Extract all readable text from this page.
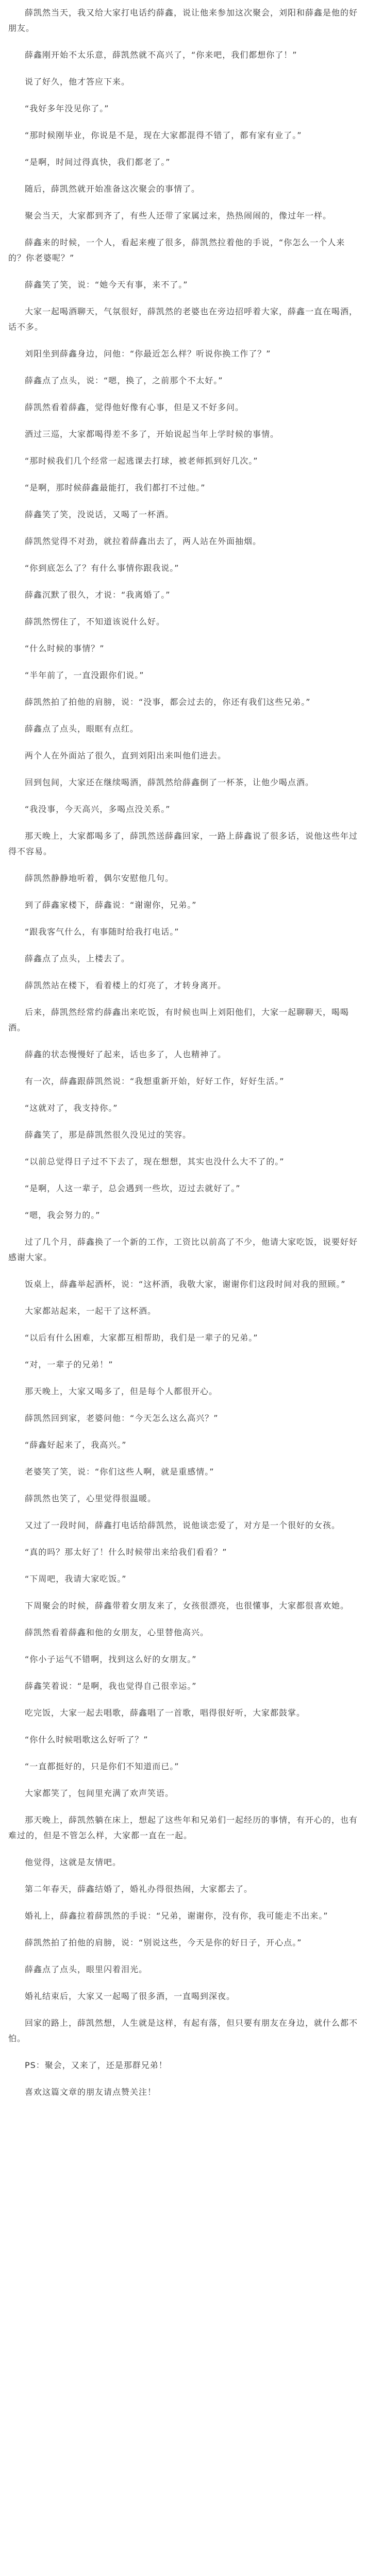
薛凯然当天，我又给大家打电话约薛鑫，说让他来参加这次聚会，刘阳和薛鑫是他的好朋友。

薛鑫刚开始不太乐意，薛凯然就不高兴了，“你来吧，我们都想你了！”

说了好久，他才答应下来。

“我好多年没见你了。”

“那时候刚毕业，你说是不是，现在大家都混得不错了，都有家有业了。”

“是啊，时间过得真快，我们都老了。”

随后，薛凯然就开始准备这次聚会的事情了。

聚会当天，大家都到齐了，有些人还带了家属过来，热热闹闹的，像过年一样。

薛鑫来的时候，一个人，看起来瘦了很多，薛凯然拉着他的手说，“你怎么一个人来的？你老婆呢？”

薛鑫笑了笑，说：“她今天有事，来不了。”

大家一起喝酒聊天，气氛很好，薛凯然的老婆也在旁边招呼着大家，薛鑫一直在喝酒，话不多。

刘阳坐到薛鑫身边，问他：“你最近怎么样？听说你换工作了？”

薛鑫点了点头，说：“嗯，换了，之前那个不太好。”

薛凯然看着薛鑫，觉得他好像有心事，但是又不好多问。

酒过三巡，大家都喝得差不多了，开始说起当年上学时候的事情。

“那时候我们几个经常一起逃课去打球，被老师抓到好几次。”

“是啊，那时候薛鑫最能打，我们都打不过他。”

薛鑫笑了笑，没说话，又喝了一杯酒。

薛凯然觉得不对劲，就拉着薛鑫出去了，两人站在外面抽烟。

“你到底怎么了？有什么事情你跟我说。”

薛鑫沉默了很久，才说：“我离婚了。”

薛凯然愣住了，不知道该说什么好。

“什么时候的事情？”

“半年前了，一直没跟你们说。”

薛凯然拍了拍他的肩膀，说：“没事，都会过去的，你还有我们这些兄弟。”

薛鑫点了点头，眼眶有点红。

两个人在外面站了很久，直到刘阳出来叫他们进去。

回到包间，大家还在继续喝酒，薛凯然给薛鑫倒了一杯茶，让他少喝点酒。

“我没事，今天高兴，多喝点没关系。”

那天晚上，大家都喝多了，薛凯然送薛鑫回家，一路上薛鑫说了很多话，说他这些年过得不容易。

薛凯然静静地听着，偶尔安慰他几句。

到了薛鑫家楼下，薛鑫说：“谢谢你，兄弟。”

“跟我客气什么，有事随时给我打电话。”

薛鑫点了点头，上楼去了。

薛凯然站在楼下，看着楼上的灯亮了，才转身离开。

后来，薛凯然经常约薛鑫出来吃饭，有时候也叫上刘阳他们，大家一起聊聊天，喝喝酒。

薛鑫的状态慢慢好了起来，话也多了，人也精神了。

有一次，薛鑫跟薛凯然说：“我想重新开始，好好工作，好好生活。”

“这就对了，我支持你。”

薛鑫笑了，那是薛凯然很久没见过的笑容。

“以前总觉得日子过不下去了，现在想想，其实也没什么大不了的。”

“是啊，人这一辈子，总会遇到一些坎，迈过去就好了。”

“嗯，我会努力的。”

过了几个月，薛鑫换了一个新的工作，工资比以前高了不少，他请大家吃饭，说要好好感谢大家。

饭桌上，薛鑫举起酒杯，说：“这杯酒，我敬大家，谢谢你们这段时间对我的照顾。”

大家都站起来，一起干了这杯酒。

“以后有什么困难，大家都互相帮助，我们是一辈子的兄弟。”

“对，一辈子的兄弟！”

那天晚上，大家又喝多了，但是每个人都很开心。

薛凯然回到家，老婆问他：“今天怎么这么高兴？”

“薛鑫好起来了，我高兴。”

老婆笑了笑，说：“你们这些人啊，就是重感情。”

薛凯然也笑了，心里觉得很温暖。

又过了一段时间，薛鑫打电话给薛凯然，说他谈恋爱了，对方是一个很好的女孩。

“真的吗？那太好了！什么时候带出来给我们看看？”

“下周吧，我请大家吃饭。”

下周聚会的时候，薛鑫带着女朋友来了，女孩很漂亮，也很懂事，大家都很喜欢她。

薛凯然看着薛鑫和他的女朋友，心里替他高兴。

“你小子运气不错啊，找到这么好的女朋友。”

薛鑫笑着说：“是啊，我也觉得自己很幸运。”

吃完饭，大家一起去唱歌，薛鑫唱了一首歌，唱得很好听，大家都鼓掌。

“你什么时候唱歌这么好听了？”

“一直都挺好的，只是你们不知道而已。”

大家都笑了，包间里充满了欢声笑语。

那天晚上，薛凯然躺在床上，想起了这些年和兄弟们一起经历的事情，有开心的，也有难过的，但是不管怎么样，大家都一直在一起。

他觉得，这就是友情吧。

第二年春天，薛鑫结婚了，婚礼办得很热闹，大家都去了。

婚礼上，薛鑫拉着薛凯然的手说：“兄弟，谢谢你，没有你，我可能走不出来。”

薛凯然拍了拍他的肩膀，说：“别说这些，今天是你的好日子，开心点。”

薛鑫点了点头，眼里闪着泪光。

婚礼结束后，大家又一起喝了很多酒，一直喝到深夜。

回家的路上，薛凯然想，人生就是这样，有起有落，但只要有朋友在身边，就什么都不怕。

PS：聚会，又来了，还是那群兄弟！

喜欢这篇文章的朋友请点赞关注！
